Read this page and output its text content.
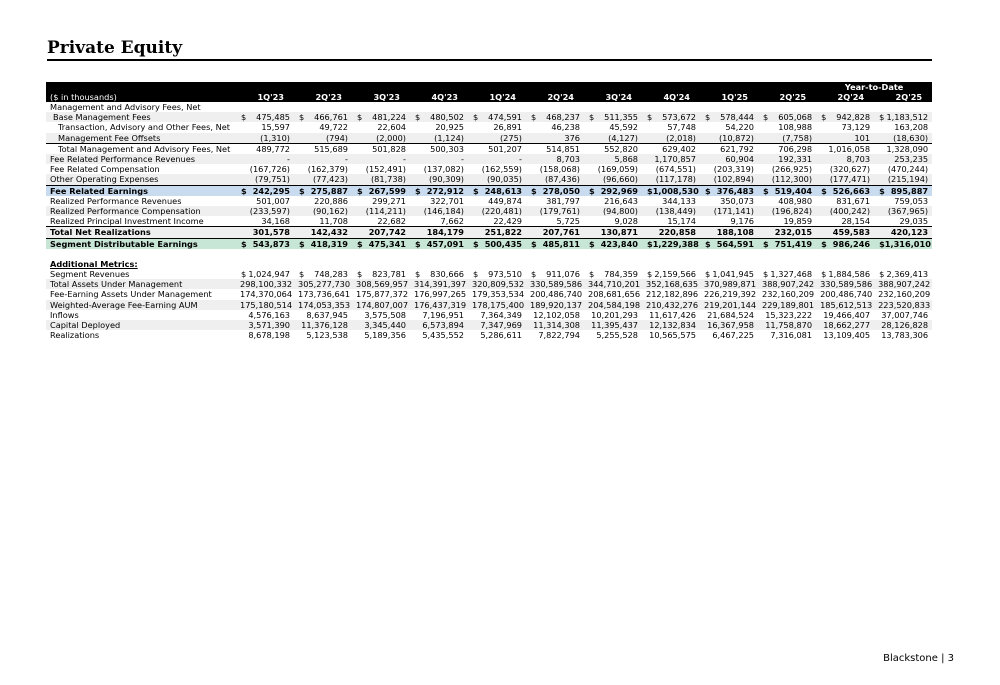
Private Equity
											Year-to-Date	
($ in thousands)	1Q'23	2Q'23	3Q'23	4Q'23	1Q'24	2Q'24	3Q'24	4Q'24	1Q'25	2Q'25	2Q'24	2Q'25
Management and Advisory Fees, Net												
Base Management Fees	$ 475,485	$ 466,761	$ 481,224	$ 480,502	$ 474,591	$ 468,237	$ 511,355	$ 573,672	$ 578,444	$ 605,068	$ 942,828	$ 1,183,512
Transaction, Advisory and Other Fees, Net	15,597	49,722	22,604	20,925	26,891	46,238	45,592	57,748	54,220	108,988	73,129	163,208
Management Fee Offsets	(1,310)	(794)	(2,000)	(1,124)	(275)	376	(4,127)	(2,018)	(10,872)	(7,758)	101	(18,630)
Total Management and Advisory Fees, Net	489,772	515,689	501,828	500,303	501,207	514,851	552,820	629,402	621,792	706,298	1,016,058	1,328,090
Fee Related Performance Revenues	-	-	-	-	-	8,703	5,868	1,170,857	60,904	192,331	8,703	253,235
Fee Related Compensation	(167,726)	(162,379)	(152,491)	(137,082)	(162,559)	(158,068)	(169,059)	(674,551)	(203,319)	(266,925)	(320,627)	(470,244)
Other Operating Expenses	(79,751)	(77,423)	(81,738)	(90,309)	(90,035)	(87,436)	(96,660)	(117,178)	(102,894)	(112,300)	(177,471)	(215,194)
Fee Related Earnings	$ 242,295	$ 275,887	$ 267,599	$ 272,912	$ 248,613	$ 278,050	$ 292,969	$ 1,008,530	$ 376,483	$ 519,404	$ 526,663	$ 895,887
Realized Performance Revenues	501,007	220,886	299,271	322,701	449,874	381,797	216,643	344,133	350,073	408,980	831,671	759,053
Realized Performance Compensation	(233,597)	(90,162)	(114,211)	(146,184)	(220,481)	(179,761)	(94,800)	(138,449)	(171,141)	(196,824)	(400,242)	(367,965)
Realized Principal Investment Income	34,168	11,708	22,682	7,662	22,429	5,725	9,028	15,174	9,176	19,859	28,154	29,035
Total Net Realizations	301,578	142,432	207,742	184,179	251,822	207,761	130,871	220,858	188,108	232,015	459,583	420,123
Segment Distributable Earnings	$ 543,873	$ 418,319	$ 475,341	$ 457,091	$ 500,435	$ 485,811	$ 423,840	$ 1,229,388	$ 564,591	$ 751,419	$ 986,246	$ 1,316,010

Additional Metrics:												
Segment Revenues	$ 1,024,947	$ 748,283	$ 823,781	$ 830,666	$ 973,510	$ 911,076	$ 784,359	$ 2,159,566	$ 1,041,945	$ 1,327,468	$ 1,884,586	$ 2,369,413
Total Assets Under Management	298,100,332	305,277,730	308,569,957	314,391,397	320,809,532	330,589,586	344,710,201	352,168,635	370,989,871	388,907,242	330,589,586	388,907,242
Fee-Earning Assets Under Management	174,370,064	173,736,641	175,877,372	176,997,265	179,353,534	200,486,740	208,681,656	212,182,896	226,219,392	232,160,209	200,486,740	232,160,209
Weighted-Average Fee-Earning AUM	175,180,514	174,053,353	174,807,007	176,437,319	178,175,400	189,920,137	204,584,198	210,432,276	219,201,144	229,189,801	185,612,513	223,520,833
Inflows	4,576,163	8,637,945	3,575,508	7,196,951	7,364,349	12,102,058	10,201,293	11,617,426	21,684,524	15,323,222	19,466,407	37,007,746
Capital Deployed	3,571,390	11,376,128	3,345,440	6,573,894	7,347,969	11,314,308	11,395,437	12,132,834	16,367,958	11,758,870	18,662,277	28,126,828
Realizations	8,678,198	5,123,538	5,189,356	5,435,552	5,286,611	7,822,794	5,255,528	10,565,575	6,467,225	7,316,081	13,109,405	13,783,306
Blackstone | 3
